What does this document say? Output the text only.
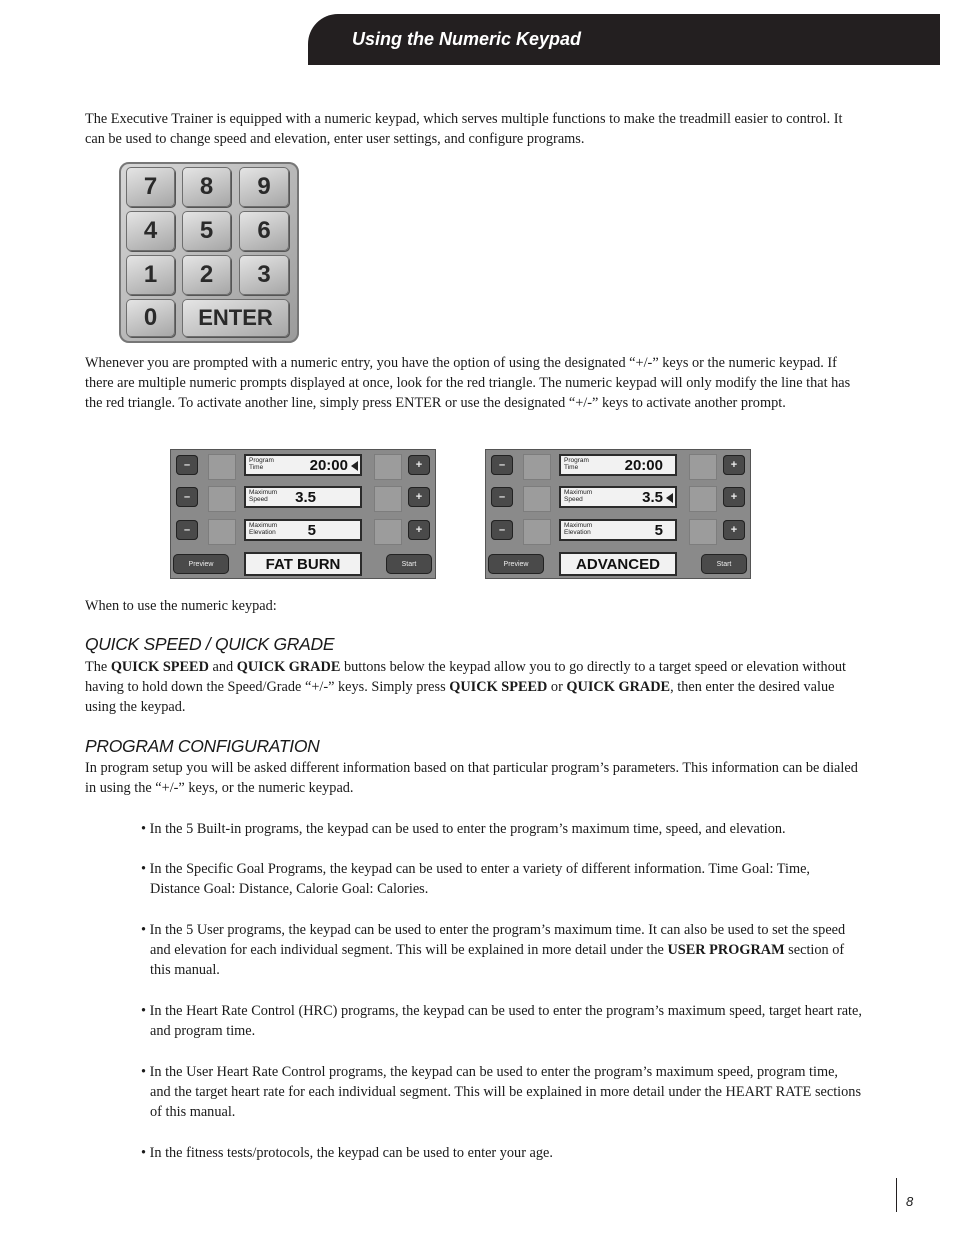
Using the Numeric Keypad

The Executive Trainer is equipped with a numeric keypad, which serves multiple functions to make the treadmill easier to control. It can be used to change speed and elevation, enter user settings, and configure programs.

7	8	9
4	5	6
1	2	3
0	ENTER

Whenever you are prompted with a numeric entry, you have the option of using the designated “+/-” keys or the numeric keypad. If there are multiple numeric prompts displayed at once, look for the red triangle. The numeric keypad will only modify the line that has the red triangle. To activate another line, simply press ENTER or use the designated “+/-” keys to activate another prompt.

–
–
–
+
+
+
Program Time	20:00
Maximum Speed	3.5
Maximum Elevation	5
Preview	FAT BURN	Start
–
–
–
+
+
+
Program Time	20:00
Maximum Speed	3.5
Maximum Elevation	5
Preview	ADVANCED	Start

When to use the numeric keypad:

QUICK SPEED / QUICK GRADE

The QUICK SPEED and QUICK GRADE buttons below the keypad allow you to go directly to a target speed or elevation without having to hold down the Speed/Grade “+/-” keys. Simply press QUICK SPEED or QUICK GRADE, then enter the desired value using the keypad.

PROGRAM CONFIGURATION

In program setup you will be asked different information based on that particular program’s parameters. This information can be dialed in using the “+/-” keys, or the numeric keypad.

• In the 5 Built-in programs, the keypad can be used to enter the program’s maximum time, speed, and elevation.

• In the Specific Goal Programs, the keypad can be used to enter a variety of different information. Time Goal: Time, Distance Goal: Distance, Calorie Goal: Calories.

• In the 5 User programs, the keypad can be used to enter the program’s maximum time. It can also be used to set the speed and elevation for each individual segment. This will be explained in more detail under the USER PROGRAM section of this manual.

• In the Heart Rate Control (HRC) programs, the keypad can be used to enter the program’s maximum speed, target heart rate, and program time.

• In the User Heart Rate Control programs, the keypad can be used to enter the program’s maximum speed, program time, and the target heart rate for each individual segment. This will be explained in more detail under the HEART RATE sections of this manual.

• In the fitness tests/protocols, the keypad can be used to enter your age.

8
